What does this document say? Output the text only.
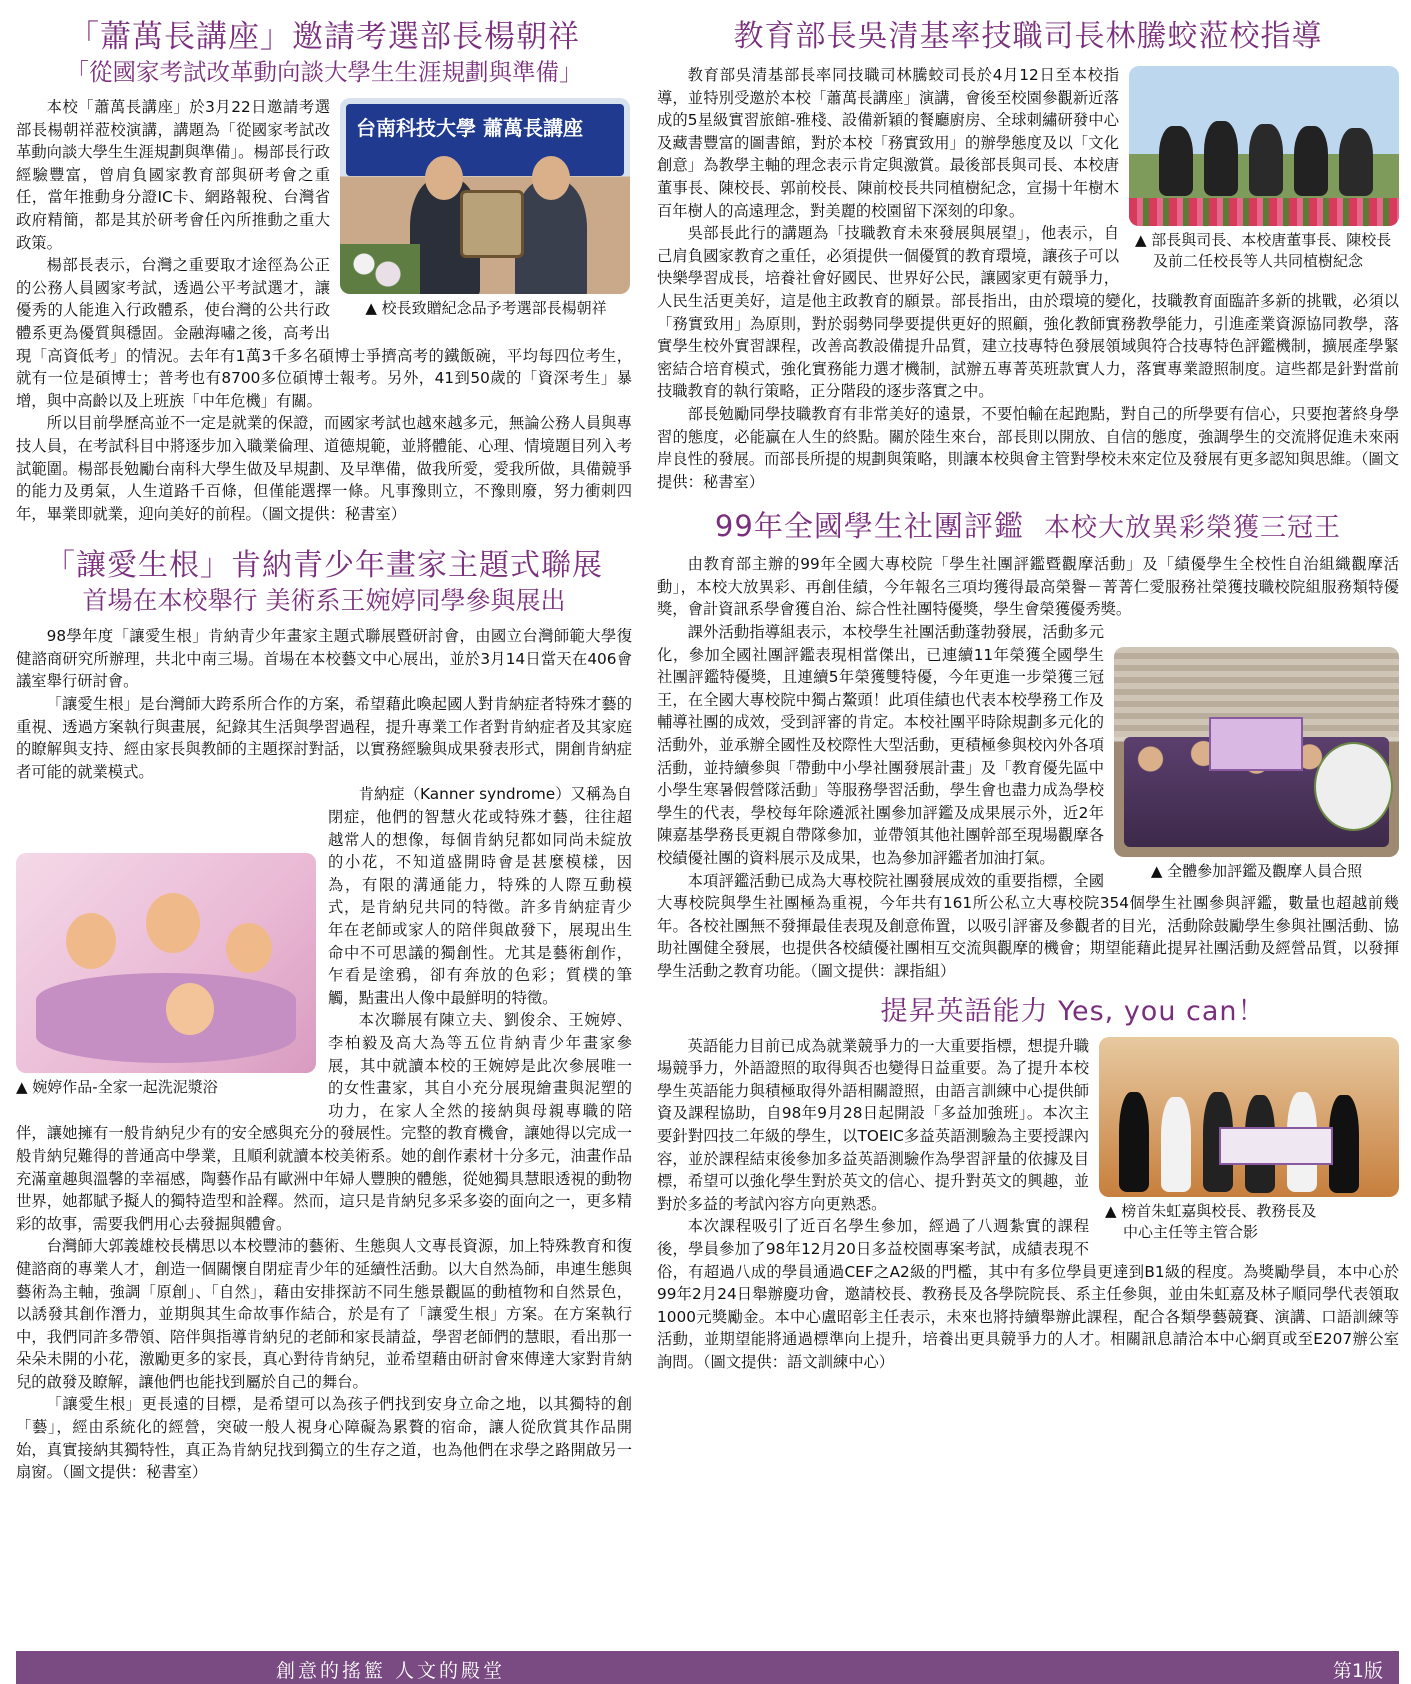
「蕭萬長講座」邀請考選部長楊朝祥
「從國家考試改革動向談大學生生涯規劃與準備」
台南科技大學 蕭萬長講座
▲ 校長致贈紀念品予考選部長楊朝祥

本校「蕭萬長講座」於3月22日邀請考選部長楊朝祥蒞校演講，講題為「從國家考試改革動向談大學生生涯規劃與準備」。楊部長行政經驗豐富，曾肩負國家教育部與研考會之重任，當年推動身分證IC卡、網路報稅、台灣省政府精簡，都是其於研考會任內所推動之重大政策。

楊部長表示，台灣之重要取才途徑為公正的公務人員國家考試，透過公平考試選才，讓優秀的人能進入行政體系，使台灣的公共行政體系更為優質與穩固。金融海嘯之後，高考出現「高資低考」的情況。去年有1萬3千多名碩博士爭擠高考的鐵飯碗，平均每四位考生，就有一位是碩博士；普考也有8700多位碩博士報考。另外，41到50歲的「資深考生」暴增，與中高齡以及上班族「中年危機」有關。

所以目前學歷高並不一定是就業的保證，而國家考試也越來越多元，無論公務人員與專技人員，在考試科目中將逐步加入職業倫理、道德規範，並將體能、心理、情境題目列入考試範圍。楊部長勉勵台南科大學生做及早規劃、及早準備，做我所愛，愛我所做，具備競爭的能力及勇氣，人生道路千百條，但僅能選擇一條。凡事豫則立，不豫則廢，努力衝刺四年，畢業即就業，迎向美好的前程。（圖文提供：秘書室）

「讓愛生根」肯納青少年畫家主題式聯展
首場在本校舉行 美術系王婉婷同學參與展出

98學年度「讓愛生根」肯納青少年畫家主題式聯展暨研討會，由國立台灣師範大學復健諮商研究所辦理，共北中南三場。首場在本校藝文中心展出，並於3月14日當天在406會議室舉行研討會。

「讓愛生根」是台灣師大跨系所合作的方案，希望藉此喚起國人對肯納症者特殊才藝的重視、透過方案執行與畫展，紀錄其生活與學習過程，提升專業工作者對肯納症者及其家庭的瞭解與支持、經由家長與教師的主題探討對話，以實務經驗與成果發表形式，開創肯納症者可能的就業模式。

▲ 婉婷作品-全家一起洗泥漿浴

肯納症（Kanner syndrome）又稱為自閉症，他們的智慧火花或特殊才藝，往往超越常人的想像，每個肯納兒都如同尚未綻放的小花，不知道盛開時會是甚麼模樣，因為，有限的溝通能力，特殊的人際互動模式，是肯納兒共同的特徵。許多肯納症青少年在老師或家人的陪伴與啟發下，展現出生命中不可思議的獨創性。尤其是藝術創作，乍看是塗鴉，卻有奔放的色彩；質樸的筆觸，點畫出人像中最鮮明的特徵。

本次聯展有陳立夫、劉俊余、王婉婷、李柏毅及高大為等五位肯納青少年畫家參展，其中就讀本校的王婉婷是此次參展唯一的女性畫家，其自小充分展現繪畫與泥塑的功力，在家人全然的接納與母親專職的陪伴，讓她擁有一般肯納兒少有的安全感與充分的發展性。完整的教育機會，讓她得以完成一般肯納兒難得的普通高中學業，且順利就讀本校美術系。她的創作素材十分多元，油畫作品充滿童趣與溫馨的幸福感，陶藝作品有歐洲中年婦人豐腴的體態，從她獨具慧眼透視的動物世界，她都賦予擬人的獨特造型和詮釋。然而，這只是肯納兒多采多姿的面向之一，更多精彩的故事，需要我們用心去發掘與體會。

台灣師大郭義雄校長構思以本校豐沛的藝術、生態與人文專長資源，加上特殊教育和復健諮商的專業人才，創造一個關懷自閉症青少年的延續性活動。以大自然為師，串連生態與藝術為主軸，強調「原創」、「自然」，藉由安排探訪不同生態景觀區的動植物和自然景色，以誘發其創作潛力，並期與其生命故事作結合，於是有了「讓愛生根」方案。在方案執行中，我們同許多帶領、陪伴與指導肯納兒的老師和家長請益，學習老師們的慧眼，看出那一朵朵未開的小花，激勵更多的家長，真心對待肯納兒，並希望藉由研討會來傳達大家對肯納兒的啟發及瞭解，讓他們也能找到屬於自己的舞台。

「讓愛生根」更長遠的目標，是希望可以為孩子們找到安身立命之地，以其獨特的創「藝」，經由系統化的經營，突破一般人視身心障礙為累贅的宿命，讓人從欣賞其作品開始，真實接納其獨特性，真正為肯納兒找到獨立的生存之道，也為他們在求學之路開啟另一扇窗。（圖文提供：秘書室）

教育部長吳清基率技職司長林騰蛟蒞校指導
▲ 部長與司長、本校唐董事長、陳校長
及前二任校長等人共同植樹紀念

教育部吳清基部長率同技職司林騰蛟司長於4月12日至本校指導，並特別受邀於本校「蕭萬長講座」演講，會後至校園參觀新近落成的5星級實習旅館-雅棧、設備新穎的餐廳廚房、全球刺繡研發中心及藏書豐富的圖書館，對於本校「務實致用」的辦學態度及以「文化創意」為教學主軸的理念表示肯定與激賞。最後部長與司長、本校唐董事長、陳校長、郭前校長、陳前校長共同植樹紀念，宣揚十年樹木百年樹人的高遠理念，對美麗的校園留下深刻的印象。

吳部長此行的講題為「技職教育未來發展與展望」，他表示，自己肩負國家教育之重任，必須提供一個優質的教育環境，讓孩子可以快樂學習成長，培養社會好國民、世界好公民，讓國家更有競爭力，人民生活更美好，這是他主政教育的願景。部長指出，由於環境的變化，技職教育面臨許多新的挑戰，必須以「務實致用」為原則，對於弱勢同學要提供更好的照顧，強化教師實務教學能力，引進產業資源協同教學，落實學生校外實習課程，改善高教設備提升品質，建立技專特色發展領域與符合技專特色評鑑機制，擴展產學緊密結合培育模式，強化實務能力選才機制，試辦五專菁英班款實人力，落實專業證照制度。這些都是針對當前技職教育的執行策略，正分階段的逐步落實之中。

部長勉勵同學技職教育有非常美好的遠景，不要怕輸在起跑點，對自己的所學要有信心，只要抱著終身學習的態度，必能贏在人生的終點。關於陸生來台，部長則以開放、自信的態度，強調學生的交流將促進未來兩岸良性的發展。而部長所提的規劃與策略，則讓本校與會主管對學校未來定位及發展有更多認知與思維。（圖文提供：秘書室）

99年全國學生社團評鑑 本校大放異彩榮獲三冠王

由教育部主辦的99年全國大專校院「學生社團評鑑暨觀摩活動」及「績優學生全校性自治組織觀摩活動」，本校大放異彩、再創佳績，今年報名三項均獲得最高榮譽－菁菁仁愛服務社榮獲技職校院組服務類特優獎，會計資訊系學會獲自治、綜合性社團特優獎，學生會榮獲優秀獎。

▲ 全體參加評鑑及觀摩人員合照

課外活動指導組表示，本校學生社團活動蓬勃發展，活動多元化，參加全國社團評鑑表現相當傑出，已連續11年榮獲全國學生社團評鑑特優獎，且連續5年榮獲雙特優，今年更進一步榮獲三冠王，在全國大專校院中獨占鰲頭！此項佳績也代表本校學務工作及輔導社團的成效，受到評審的肯定。本校社團平時除規劃多元化的活動外，並承辦全國性及校際性大型活動，更積極參與校內外各項活動，並持續參與「帶動中小學社團發展計畫」及「教育優先區中小學生寒暑假營隊活動」等服務學習活動，學生會也盡力成為學校學生的代表，學校每年除遴派社團參加評鑑及成果展示外，近2年陳嘉基學務長更親自帶隊參加，並帶領其他社團幹部至現場觀摩各校績優社團的資料展示及成果，也為參加評鑑者加油打氣。

本項評鑑活動已成為大專校院社團發展成效的重要指標，全國大專校院與學生社團極為重視，今年共有161所公私立大專校院354個學生社團參與評鑑，數量也超越前幾年。各校社團無不發揮最佳表現及創意佈置，以吸引評審及參觀者的目光，活動除鼓勵學生參與社團活動、協助社團健全發展，也提供各校績優社團相互交流與觀摩的機會；期望能藉此提昇社團活動及經營品質，以發揮學生活動之教育功能。（圖文提供：課指組）

提昇英語能力 Yes, you can！
▲ 榜首朱虹嘉與校長、教務長及
中心主任等主管合影

英語能力目前已成為就業競爭力的一大重要指標，想提升職場競爭力，外語證照的取得與否也變得日益重要。為了提升本校學生英語能力與積極取得外語相關證照，由語言訓練中心提供師資及課程協助，自98年9月28日起開設「多益加強班」。本次主要針對四技二年級的學生，以TOEIC多益英語測驗為主要授課內容，並於課程結束後參加多益英語測驗作為學習評量的依據及目標，希望可以強化學生對於英文的信心、提升對英文的興趣，並對於多益的考試內容方向更熟悉。

本次課程吸引了近百名學生參加，經過了八週紮實的課程後，學員參加了98年12月20日多益校園專案考試，成績表現不俗，有超過八成的學員通過CEF之A2級的門檻，其中有多位學員更達到B1級的程度。為獎勵學員，本中心於99年2月24日舉辦慶功會，邀請校長、教務長及各學院院長、系主任參與，並由朱虹嘉及林子順同學代表領取1000元獎勵金。本中心盧昭彰主任表示，未來也將持續舉辦此課程，配合各類學藝競賽、演講、口語訓練等活動，並期望能將通過標準向上提升，培養出更具競爭力的人才。相關訊息請洽本中心網頁或至E207辦公室詢問。（圖文提供：語文訓練中心）

創意的搖籃 人文的殿堂	第1版
